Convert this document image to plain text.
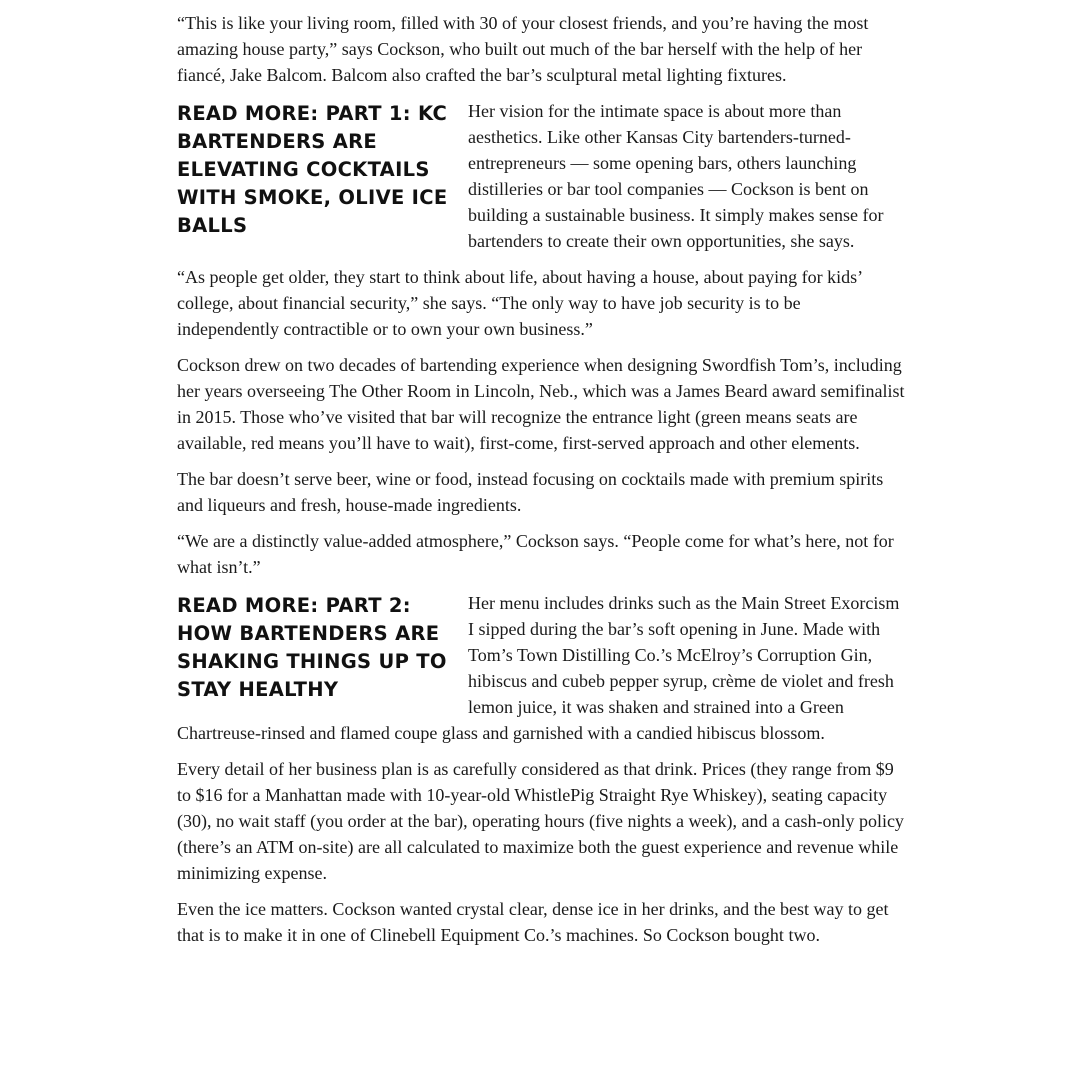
“This is like your living room, filled with 30 of your closest friends, and you’re having the most amazing house party,” says Cockson, who built out much of the bar herself with the help of her fiancé, Jake Balcom. Balcom also crafted the bar’s sculptural metal lighting fixtures.

READ MORE: PART 1: KC BARTENDERS ARE ELEVATING COCKTAILS WITH SMOKE, OLIVE ICE BALLS

Her vision for the intimate space is about more than aesthetics. Like other Kansas City bartenders-turned-entrepreneurs — some opening bars, others launching distilleries or bar tool companies — Cockson is bent on building a sustainable business. It simply makes sense for bartenders to create their own opportunities, she says.

“As people get older, they start to think about life, about having a house, about paying for kids’ college, about financial security,” she says. “The only way to have job security is to be independently contractible or to own your own business.”

Cockson drew on two decades of bartending experience when designing Swordfish Tom’s, including her years overseeing The Other Room in Lincoln, Neb., which was a James Beard award semifinalist in 2015. Those who’ve visited that bar will recognize the entrance light (green means seats are available, red means you’ll have to wait), first-come, first-served approach and other elements.

The bar doesn’t serve beer, wine or food, instead focusing on cocktails made with premium spirits and liqueurs and fresh, house-made ingredients.

“We are a distinctly value-added atmosphere,” Cockson says. “People come for what’s here, not for what isn’t.”

READ MORE: PART 2: HOW BARTENDERS ARE SHAKING THINGS UP TO STAY HEALTHY

Her menu includes drinks such as the Main Street Exorcism I sipped during the bar’s soft opening in June. Made with Tom’s Town Distilling Co.’s McElroy’s Corruption Gin, hibiscus and cubeb pepper syrup, crème de violet and fresh lemon juice, it was shaken and strained into a Green Chartreuse-rinsed and flamed coupe glass and garnished with a candied hibiscus blossom.

Every detail of her business plan is as carefully considered as that drink. Prices (they range from $9 to $16 for a Manhattan made with 10-year-old WhistlePig Straight Rye Whiskey), seating capacity (30), no wait staff (you order at the bar), operating hours (five nights a week), and a cash-only policy (there’s an ATM on-site) are all calculated to maximize both the guest experience and revenue while minimizing expense.

Even the ice matters. Cockson wanted crystal clear, dense ice in her drinks, and the best way to get that is to make it in one of Clinebell Equipment Co.’s machines. So Cockson bought two.
